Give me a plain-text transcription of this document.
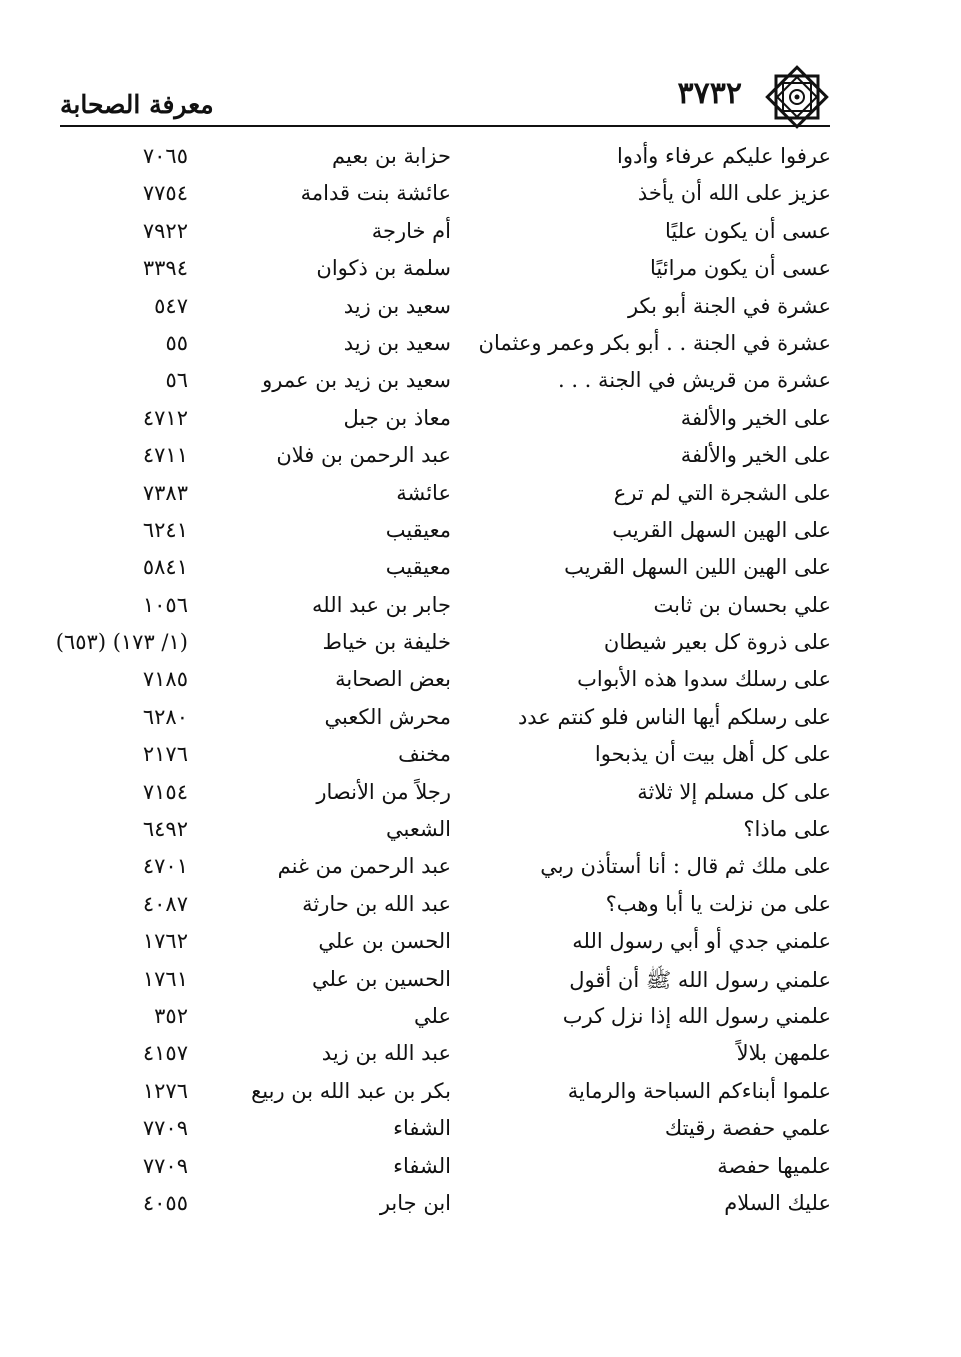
معرفة الصحابة	٣٧٣٢
عرفوا عليكم عرفاء وأدوا
حزابة بن بعيم
٧٠٦٥
عزيز على الله أن يأخذ
عائشة بنت قدامة
٧٧٥٤
عسى أن يكون عليًا
أم خارجة
٧٩٢٢
عسى أن يكون مرائيًا
سلمة بن ذكوان
٣٣٩٤
عشرة في الجنة أبو بكر
سعيد بن زيد
٥٤٧
عشرة في الجنة . . أبو بكر وعمر وعثمان
سعيد بن زيد
٥٥
عشرة من قريش في الجنة . . .
سعيد بن زيد بن عمرو
٥٦
على الخير والألفة
معاذ بن جبل
٤٧١٢
على الخير والألفة
عبد الرحمن بن فلان
٤٧١١
على الشجرة التي لم ترع
عائشة
٧٣٨٣
على الهين السهل القريب
معيقيب
٦٢٤١
على الهين اللين السهل القريب
معيقيب
٥٨٤١
علي بحسان بن ثابت
جابر بن عبد الله
١٠٥٦
على ذروة كل بعير شيطان
خليفة بن خياط
(١/ ١٧٣) (٦٥٣)
على رسلك سدوا هذه الأبواب
بعض الصحابة
٧١٨٥
على رسلكم أيها الناس فلو كنتم عدد
محرش الكعبي
٦٢٨٠
على كل أهل بيت أن يذبحوا
مخنف
٢١٧٦
على كل مسلم إلا ثلاثة
رجلاً من الأنصار
٧١٥٤
على ماذا؟
الشعبي
٦٤٩٢
على ملك ثم قال : أنا أستأذن ربي
عبد الرحمن من غنم
٤٧٠١
على من نزلت يا أبا وهب؟
عبد الله بن حارثة
٤٠٨٧
علمني جدي أو أبي رسول الله
الحسن بن علي
١٧٦٢
علمني رسول الله ﷺ أن أقول
الحسين بن علي
١٧٦١
علمني رسول الله إذا نزل كرب
علي
٣٥٢
علمهن بلالاً
عبد الله بن زيد
٤١٥٧
علموا أبناءكم السباحة والرماية
بكر بن عبد الله بن ربيع
١٢٧٦
علمي حفصة رقيتك
الشفاء
٧٧٠٩
علميها حفصة
الشفاء
٧٧٠٩
عليك السلام
ابن جابر
٤٠٥٥
